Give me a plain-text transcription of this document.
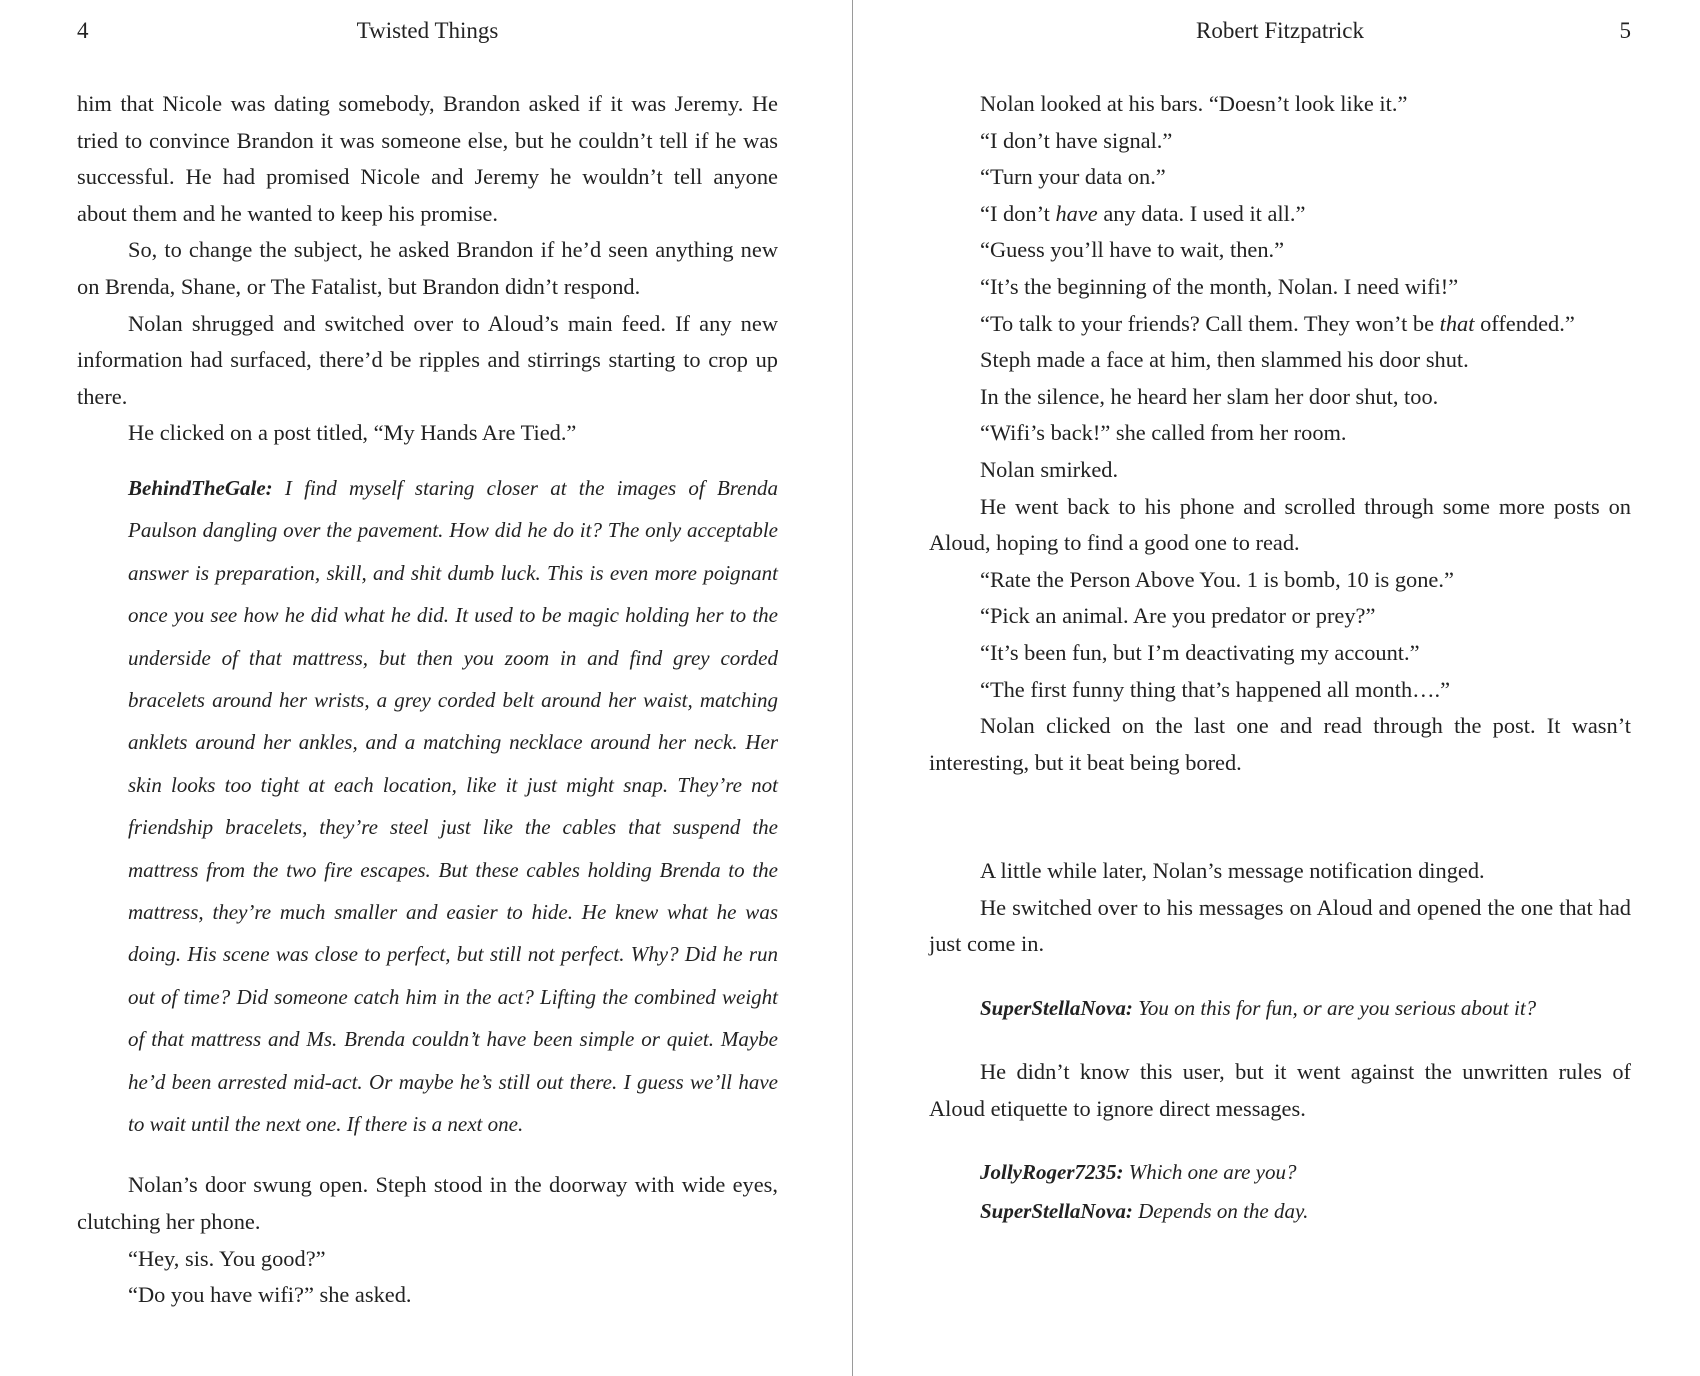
4	Twisted Things

him that Nicole was dating somebody, Brandon asked if it was Jeremy. He tried to convince Brandon it was someone else, but he couldn’t tell if he was successful. He had promised Nicole and Jeremy he wouldn’t tell anyone about them and he wanted to keep his promise.

So, to change the subject, he asked Brandon if he’d seen anything new on Brenda, Shane, or The Fatalist, but Brandon didn’t respond.

Nolan shrugged and switched over to Aloud’s main feed. If any new information had surfaced, there’d be ripples and stirrings starting to crop up there.

He clicked on a post titled, “My Hands Are Tied.”

BehindTheGale: I find myself staring closer at the images of Brenda Paulson dangling over the pavement. How did he do it? The only acceptable answer is preparation, skill, and shit dumb luck. This is even more poignant once you see how he did what he did. It used to be magic holding her to the underside of that mattress, but then you zoom in and find grey corded bracelets around her wrists, a grey corded belt around her waist, matching anklets around her ankles, and a matching necklace around her neck. Her skin looks too tight at each location, like it just might snap. They’re not friendship bracelets, they’re steel just like the cables that suspend the mattress from the two fire escapes. But these cables holding Brenda to the mattress, they’re much smaller and easier to hide. He knew what he was doing. His scene was close to perfect, but still not perfect. Why? Did he run out of time? Did someone catch him in the act? Lifting the combined weight of that mattress and Ms. Brenda couldn’t have been simple or quiet. Maybe he’d been arrested mid-act. Or maybe he’s still out there. I guess we’ll have to wait until the next one. If there is a next one.

Nolan’s door swung open. Steph stood in the doorway with wide eyes, clutching her phone.

“Hey, sis. You good?”

“Do you have wifi?” she asked.

Robert Fitzpatrick	5

Nolan looked at his bars. “Doesn’t look like it.”

“I don’t have signal.”

“Turn your data on.”

“I don’t have any data. I used it all.”

“Guess you’ll have to wait, then.”

“It’s the beginning of the month, Nolan. I need wifi!”

“To talk to your friends? Call them. They won’t be that offended.”

Steph made a face at him, then slammed his door shut.

In the silence, he heard her slam her door shut, too.

“Wifi’s back!” she called from her room.

Nolan smirked.

He went back to his phone and scrolled through some more posts on Aloud, hoping to find a good one to read.

“Rate the Person Above You. 1 is bomb, 10 is gone.”

“Pick an animal. Are you predator or prey?”

“It’s been fun, but I’m deactivating my account.”

“The first funny thing that’s happened all month….”

Nolan clicked on the last one and read through the post. It wasn’t interesting, but it beat being bored.

A little while later, Nolan’s message notification dinged.

He switched over to his messages on Aloud and opened the one that had just come in.

SuperStellaNova: You on this for fun, or are you serious about it?

He didn’t know this user, but it went against the unwritten rules of Aloud etiquette to ignore direct messages.

JollyRoger7235: Which one are you?
SuperStellaNova: Depends on the day.
